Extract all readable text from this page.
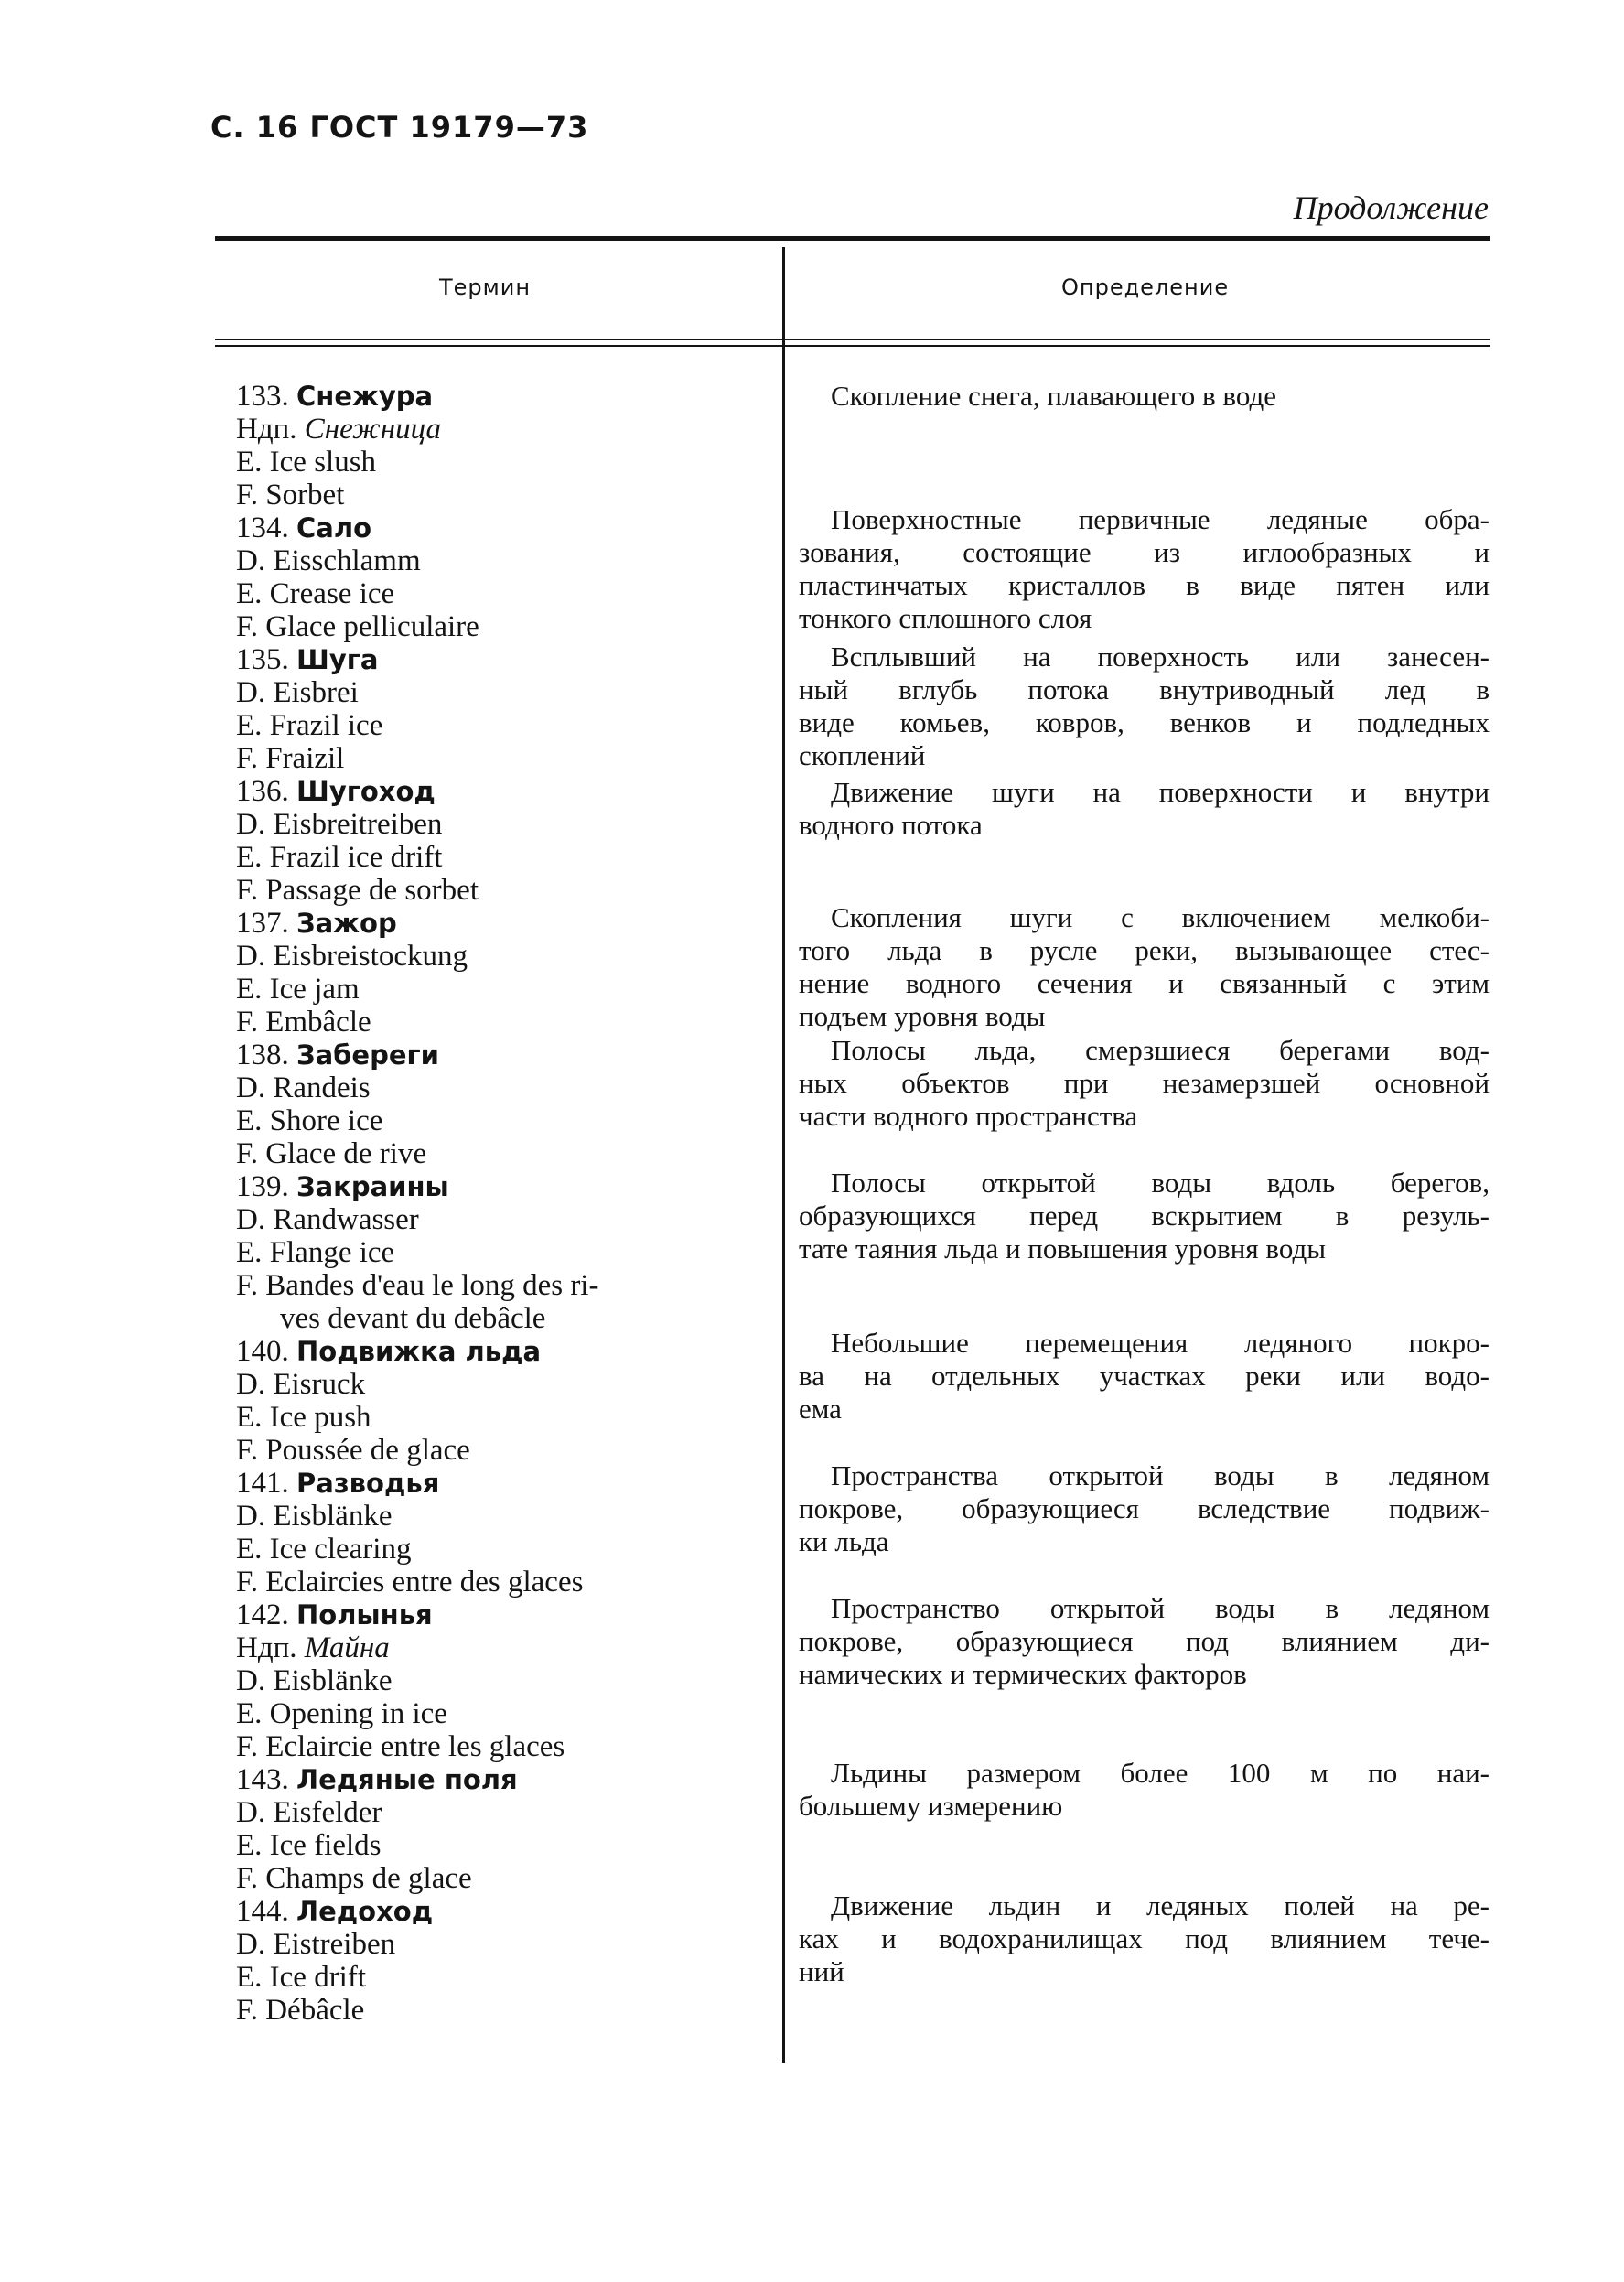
С. 16 ГОСТ 19179—73
Продолжение
Термин	Определение
133. Снежура
Ндп. Снежница
E. Ice slush
F. Sorbet
134. Сало
D. Eisschlamm
E. Crease ice
F. Glace pelliculaire
135. Шуга
D. Eisbrei
E. Frazil ice
F. Fraizil
136. Шугоход
D. Eisbreitreiben
E. Frazil ice drift
F. Passage de sorbet
137. Зажор
D. Eisbreistockung
E. Ice jam
F. Embâcle
138. Забереги
D. Randeis
E. Shore ice
F. Glace de rive
139. Закраины
D. Randwasser
E. Flange ice
F. Bandes d'eau le long des ri-
ves devant du debâcle
140. Подвижка льда
D. Eisruck
E. Ice push
F. Poussée de glace
141. Разводья
D. Eisblänke
E. Ice clearing
F. Eclaircies entre des glaces
142. Полынья
Ндп. Майна
D. Eisblänke
E. Opening in ice
F. Eclaircie entre les glaces
143. Ледяные поля
D. Eisfelder
E. Ice fields
F. Champs de glace
144. Ледоход
D. Eistreiben
E. Ice drift
F. Débâcle
Скопление снега, плавающего в воде
Поверхностные первичные ледяные обра-
зования, состоящие из иглообразных и
пластинчатых кристаллов в виде пятен или
тонкого сплошного слоя
Всплывший на поверхность или занесен-
ный вглубь потока внутриводный лед в
виде комьев, ковров, венков и подледных
скоплений
Движение шуги на поверхности и внутри
водного потока
Скопления шуги с включением мелкоби-
того льда в русле реки, вызывающее стес-
нение водного сечения и связанный с этим
подъем уровня воды
Полосы льда, смерзшиеся берегами вод-
ных объектов при незамерзшей основной
части водного пространства
Полосы открытой воды вдоль берегов,
образующихся перед вскрытием в резуль-
тате таяния льда и повышения уровня воды
Небольшие перемещения ледяного покро-
ва на отдельных участках реки или водо-
ема
Пространства открытой воды в ледяном
покрове, образующиеся вследствие подвиж-
ки льда
Пространство открытой воды в ледяном
покрове, образующиеся под влиянием ди-
намических и термических факторов
Льдины размером более 100 м по наи-
большему измерению
Движение льдин и ледяных полей на ре-
ках и водохранилищах под влиянием тече-
ний
